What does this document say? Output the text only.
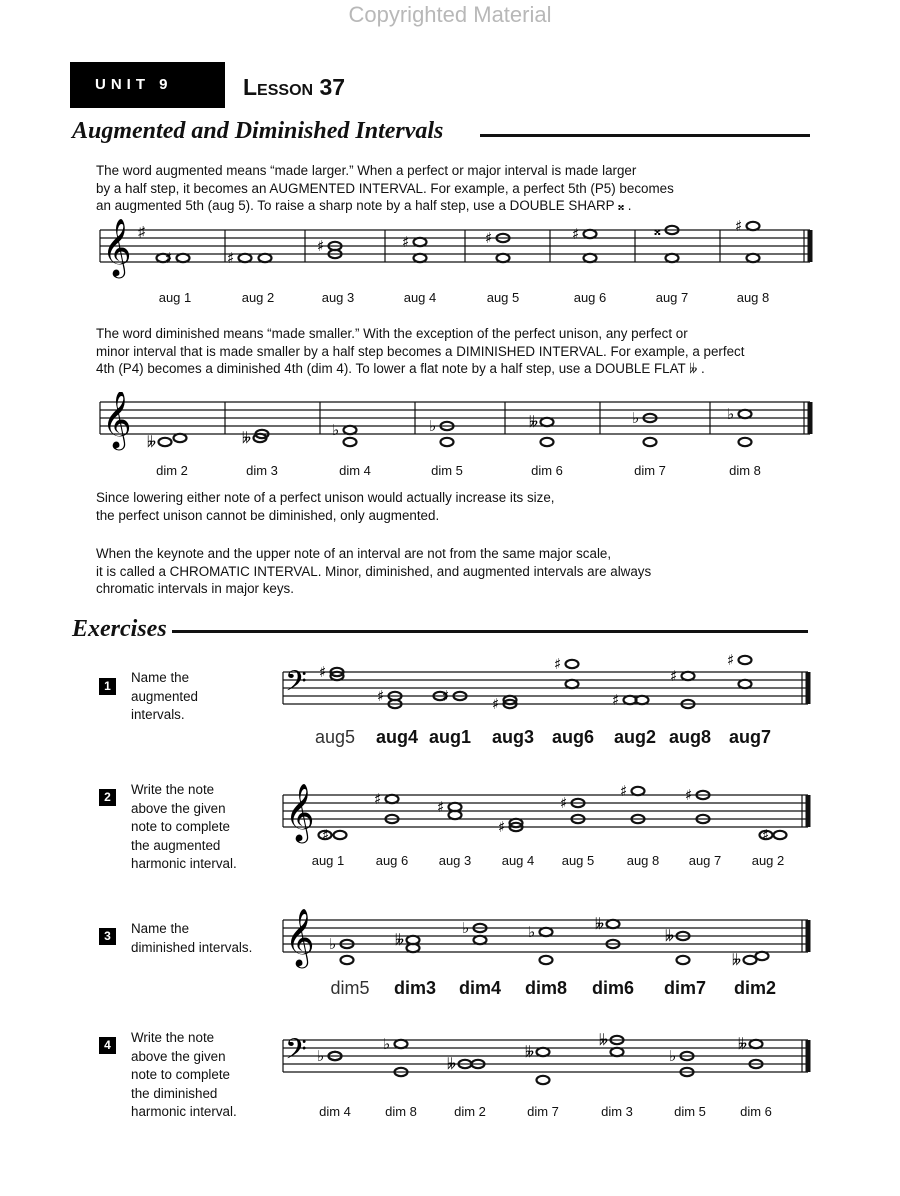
Copyrighted Material
UNIT 9	Lesson 37
Augmented and Diminished Intervals
The word augmented means “made larger.” When a perfect or major interval is made larger
by a half step, it becomes an AUGMENTED INTERVAL. For example, a perfect 5th (P5) becomes
an augmented 5th (aug 5). To raise a sharp note by a half step, use a DOUBLE SHARP 𝄪 .
𝄞 ♯
♯	♯
♯	♯	♯	♯	𝄪	♯
aug 1	aug 2	aug 3	aug 4	aug 5	aug 6	aug 7	aug 8
The word diminished means “made smaller.” With the exception of the perfect unison, any perfect or
minor interval that is made smaller by a half step becomes a DIMINISHED INTERVAL. For example, a perfect
4th (P4) becomes a diminished 4th (dim 4). To lower a flat note by a half step, use a DOUBLE FLAT 𝄫 .
𝄞 𝄫	𝄫	♭	♭	𝄫	♭	♭
dim 2	dim 3	dim 4	dim 5	dim 6	dim 7	dim 8
Since lowering either note of a perfect unison would actually increase its size,
the perfect unison cannot be diminished, only augmented.
When the keynote and the upper note of an interval are not from the same major scale,
it is called a CHROMATIC INTERVAL. Minor, diminished, and augmented intervals are always
chromatic intervals in major keys.
Exercises
1
Name the
augmented
intervals.
𝄢 ♯
♯	♯	♯
♯
♯
♯
♯
aug5	aug4 aug1	aug3 aug6	aug2 aug8 aug7
2	Write the note
above the given
note to complete
the augmented
harmonic interval.
𝄞 ♯
♯	♯
♯
♯
♯	♯
♯
aug 1	aug 6	aug 3	aug 4	aug 5	aug 8	aug 7	aug 2
3	Name the
diminished intervals. 𝄞 ♭	𝄫
♭	♭	𝄫
𝄫
𝄫
dim5	dim3	dim4	dim8	dim6	dim7	dim2
4	Write the note
above the given
note to complete
the diminished
harmonic interval.
𝄢 ♭
♭
𝄫
𝄫
𝄫
♭
𝄫
dim 4	dim 8	dim 2	dim 7	dim 3	dim 5	dim 6
